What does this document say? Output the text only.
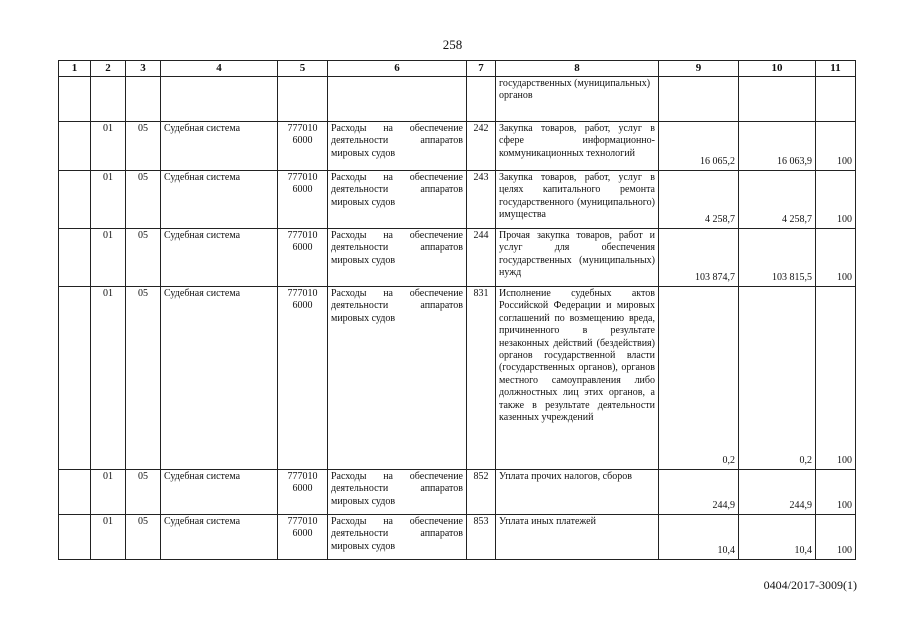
258
1	2	3	4	5	6	7	8	9	10	11
							государственных (муниципальных) органов			
	01	05	Судебная система	777010 6000	Расходы на обеспечение деятельности аппаратов мировых судов	242	Закупка товаров, работ, услуг в сфере информационно-коммуникационных технологий	16 065,2	16 063,9	100
	01	05	Судебная система	777010 6000	Расходы на обеспечение деятельности аппаратов мировых судов	243	Закупка товаров, работ, услуг в целях капитального ремонта государственного (муниципального) имущества	4 258,7	4 258,7	100
	01	05	Судебная система	777010 6000	Расходы на обеспечение деятельности аппаратов мировых судов	244	Прочая закупка товаров, работ и услуг для обеспечения государственных (муниципальных) нужд	103 874,7	103 815,5	100
	01	05	Судебная система	777010 6000	Расходы на обеспечение деятельности аппаратов мировых судов	831	Исполнение судебных актов Российской Федерации и мировых соглашений по возмещению вреда, причиненного в результате незаконных действий (бездействия) органов государственной власти (государственных органов), органов местного самоуправления либо должностных лиц этих органов, а также в результате деятельности казенных учреждений	0,2	0,2	100
	01	05	Судебная система	777010 6000	Расходы на обеспечение деятельности аппаратов мировых судов	852	Уплата прочих налогов, сборов	244,9	244,9	100
	01	05	Судебная система	777010 6000	Расходы на обеспечение деятельности аппаратов мировых судов	853	Уплата иных платежей	10,4	10,4	100
0404/2017-3009(1)
